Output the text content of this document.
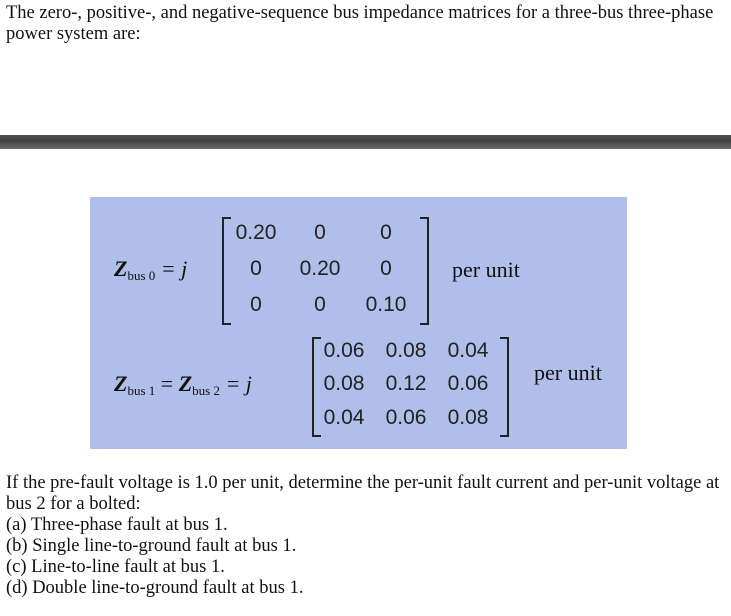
The zero-, positive-, and negative-sequence bus impedance matrices for a three-bus three-phase power system are:
$Z_{bus 0} = j$
0.20	0	0
0	0.20	0
0	0	0.10
per unit
$Z_{bus 1} = Z_{bus 2} = j$
0.06	0.08	0.04
0.08	0.12	0.06
0.04	0.06	0.08
per unit

If the pre-fault voltage is 1.0 per unit, determine the per-unit fault current and per-unit voltage at bus 2 for a bolted:

(a) Three-phase fault at bus 1.

(b) Single line-to-ground fault at bus 1.

(c) Line-to-line fault at bus 1.

(d) Double line-to-ground fault at bus 1.
